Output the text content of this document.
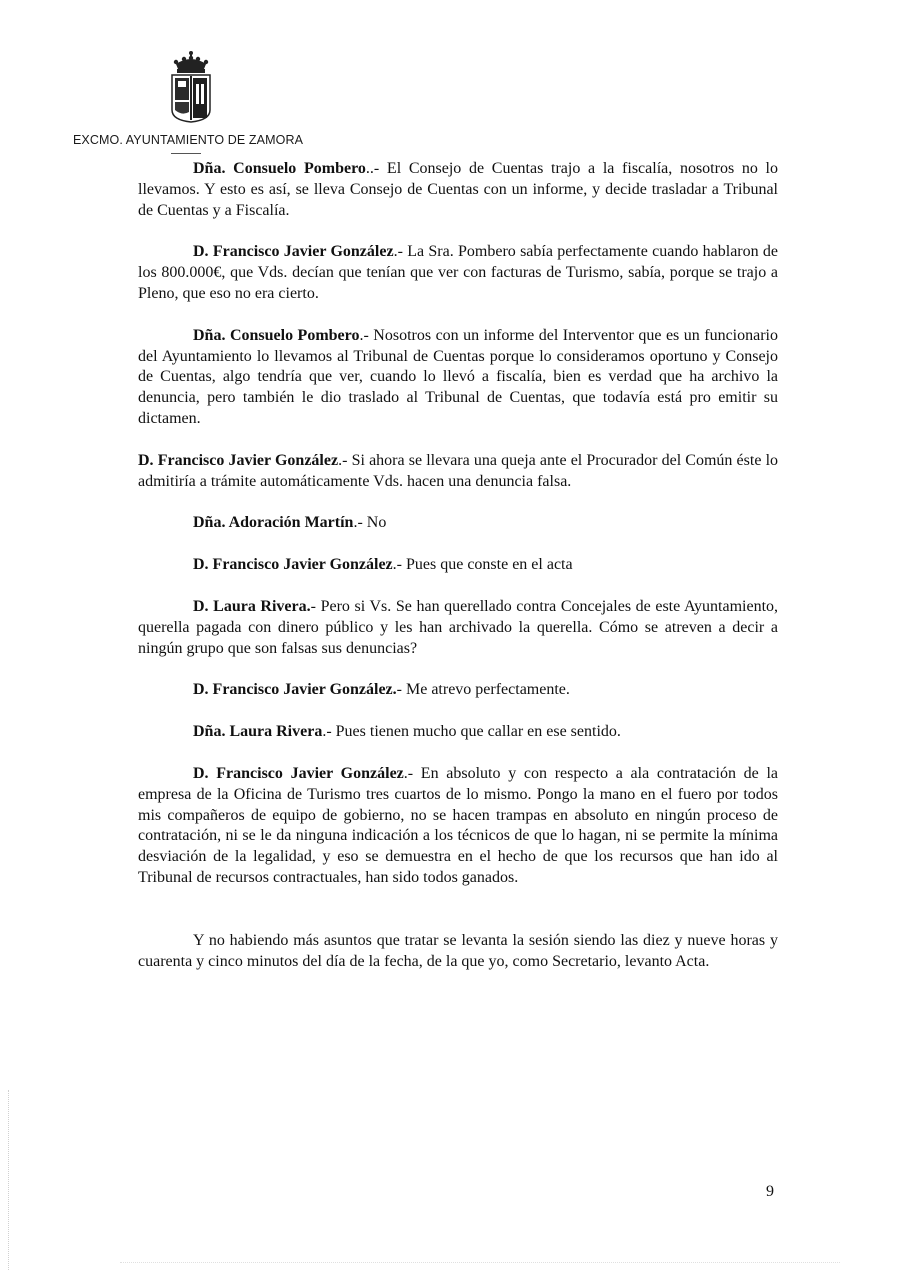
EXCMO. AYUNTAMIENTO DE ZAMORA

Dña. Consuelo Pombero..- El Consejo de Cuentas trajo a la fiscalía, nosotros no lo llevamos. Y esto es así, se lleva Consejo de Cuentas con un informe, y decide trasladar a Tribunal de Cuentas y a Fiscalía.

D. Francisco Javier González.- La Sra. Pombero sabía perfectamente cuando hablaron de los 800.000€, que Vds. decían que tenían que ver con facturas de Turismo, sabía, porque se trajo a Pleno, que eso no era cierto.

Dña. Consuelo Pombero.- Nosotros con un informe del Interventor que es un funcionario del Ayuntamiento lo llevamos al Tribunal de Cuentas porque lo consideramos oportuno y Consejo de Cuentas, algo tendría que ver, cuando lo llevó a fiscalía, bien es verdad que ha archivo la denuncia, pero también le dio traslado al Tribunal de Cuentas, que todavía está pro emitir su dictamen.

D. Francisco Javier González.- Si ahora se llevara una queja ante el Procurador del Común éste lo admitiría a trámite automáticamente Vds. hacen una denuncia falsa.

Dña. Adoración Martín.- No

D. Francisco Javier González.- Pues que conste en el acta

D. Laura Rivera.- Pero si Vs. Se han querellado contra Concejales de este Ayuntamiento, querella pagada con dinero público y les han archivado la querella. Cómo se atreven a decir a ningún grupo que son falsas sus denuncias?

D. Francisco Javier González.- Me atrevo perfectamente.

Dña. Laura Rivera.- Pues tienen mucho que callar en ese sentido.

D. Francisco Javier González.- En absoluto y con respecto a ala contratación de la empresa de la Oficina de Turismo tres cuartos de lo mismo. Pongo la mano en el fuero por todos mis compañeros de equipo de gobierno, no se hacen trampas en absoluto en ningún proceso de contratación, ni se le da ninguna indicación a los técnicos de que lo hagan, ni se permite la mínima desviación de la legalidad, y eso se demuestra en el hecho de que los recursos que han ido al Tribunal de recursos contractuales, han sido todos ganados.

Y no habiendo más asuntos que tratar se levanta la sesión siendo las diez y nueve horas y cuarenta y cinco minutos del día de la fecha, de la que yo, como Secretario, levanto Acta.

9
